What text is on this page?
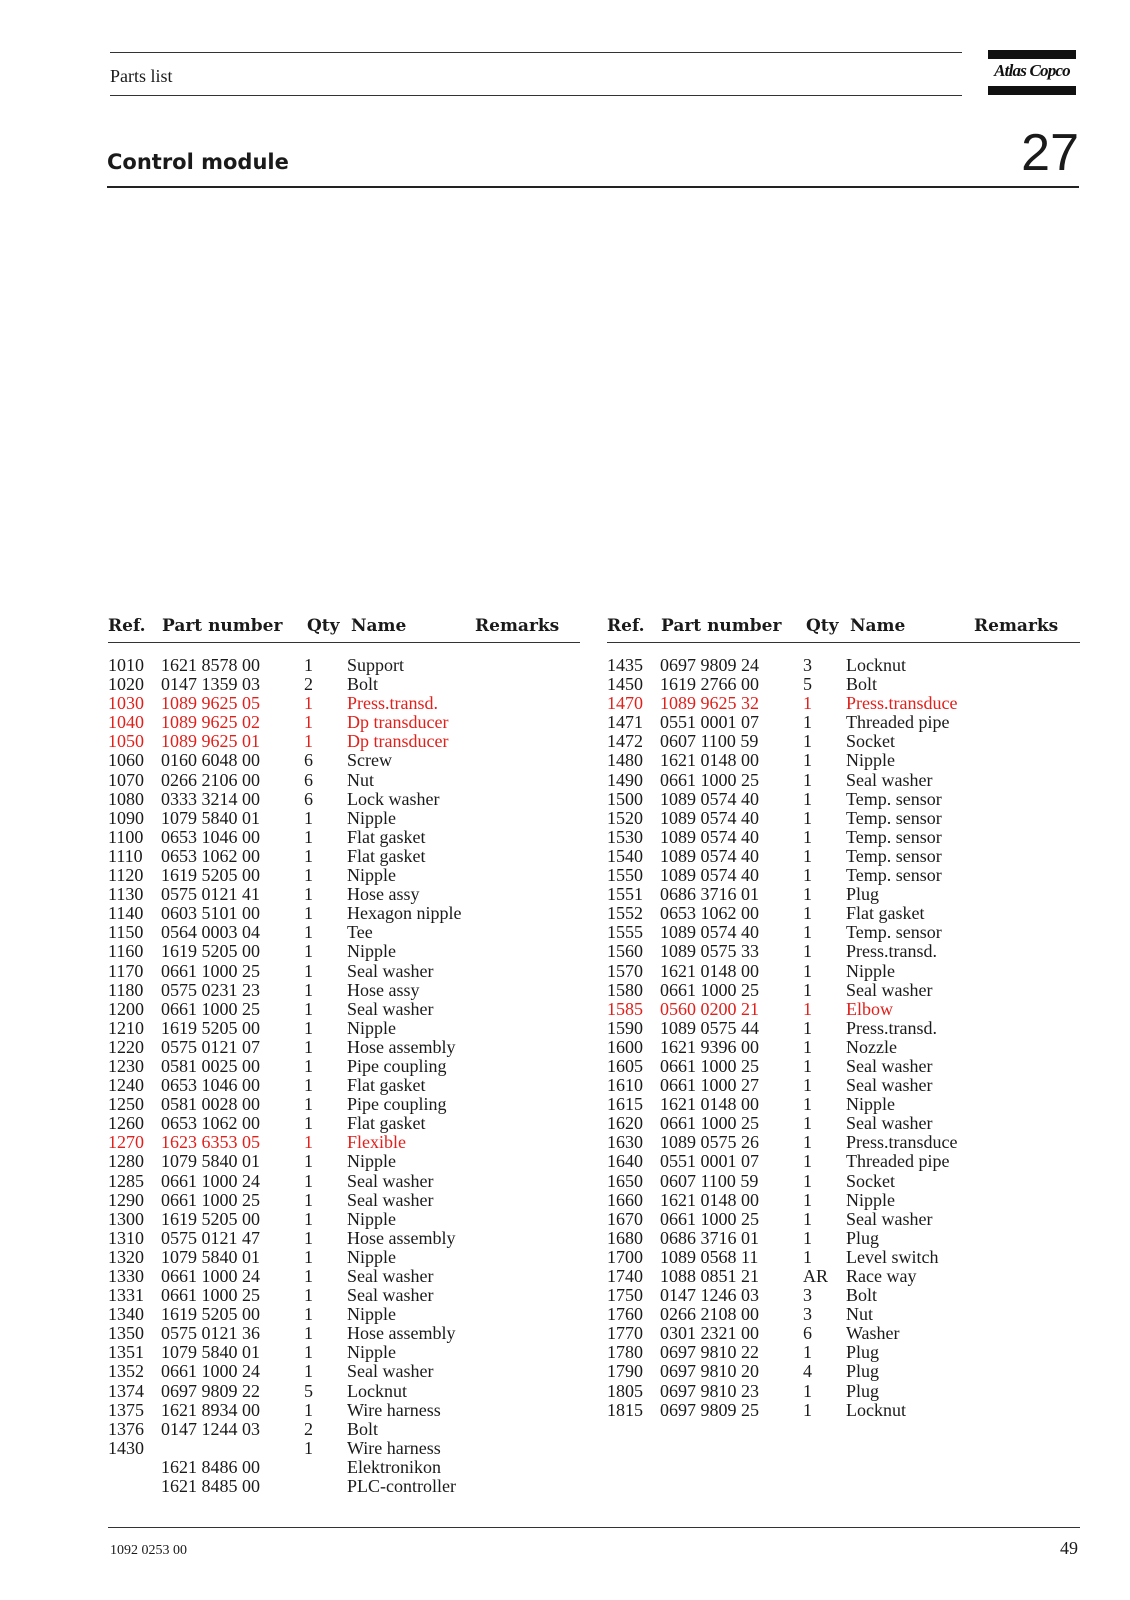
Parts list	Atlas Copco
Control module	27
Ref. Part number Qty Name	Remarks
1010 1621 8578 00 1 Support
1020 0147 1359 03 2 Bolt
1030 1089 9625 05 1 Press.transd.
1040 1089 9625 02 1 Dp transducer
1050 1089 9625 01 1 Dp transducer
1060 0160 6048 00 6 Screw
1070 0266 2106 00 6 Nut
1080 0333 3214 00 6 Lock washer
1090 1079 5840 01 1 Nipple
1100 0653 1046 00 1 Flat gasket
1110 0653 1062 00 1 Flat gasket
1120 1619 5205 00 1 Nipple
1130 0575 0121 41 1 Hose assy
1140 0603 5101 00 1 Hexagon nipple
1150 0564 0003 04 1 Tee
1160 1619 5205 00 1 Nipple
1170 0661 1000 25 1 Seal washer
1180 0575 0231 23 1 Hose assy
1200 0661 1000 25 1 Seal washer
1210 1619 5205 00 1 Nipple
1220 0575 0121 07 1 Hose assembly
1230 0581 0025 00 1 Pipe coupling
1240 0653 1046 00 1 Flat gasket
1250 0581 0028 00 1 Pipe coupling
1260 0653 1062 00 1 Flat gasket
1270 1623 6353 05 1 Flexible
1280 1079 5840 01 1 Nipple
1285 0661 1000 24 1 Seal washer
1290 0661 1000 25 1 Seal washer
1300 1619 5205 00 1 Nipple
1310 0575 0121 47 1 Hose assembly
1320 1079 5840 01 1 Nipple
1330 0661 1000 24 1 Seal washer
1331 0661 1000 25 1 Seal washer
1340 1619 5205 00 1 Nipple
1350 0575 0121 36 1 Hose assembly
1351 1079 5840 01 1 Nipple
1352 0661 1000 24 1 Seal washer
1374 0697 9809 22 5 Locknut
1375 1621 8934 00 1 Wire harness
1376 0147 1244 03 2 Bolt
1430	1 Wire harness
1621 8486 00	Elektronikon
1621 8485 00	PLC-controller
Ref. Part number Qty Name	Remarks
1435 0697 9809 24 3 Locknut
1450 1619 2766 00 5 Bolt
1470 1089 9625 32 1 Press.transduce
1471 0551 0001 07 1 Threaded pipe
1472 0607 1100 59 1 Socket
1480 1621 0148 00 1 Nipple
1490 0661 1000 25 1 Seal washer
1500 1089 0574 40 1 Temp. sensor
1520 1089 0574 40 1 Temp. sensor
1530 1089 0574 40 1 Temp. sensor
1540 1089 0574 40 1 Temp. sensor
1550 1089 0574 40 1 Temp. sensor
1551 0686 3716 01 1 Plug
1552 0653 1062 00 1 Flat gasket
1555 1089 0574 40 1 Temp. sensor
1560 1089 0575 33 1 Press.transd.
1570 1621 0148 00 1 Nipple
1580 0661 1000 25 1 Seal washer
1585 0560 0200 21 1 Elbow
1590 1089 0575 44 1 Press.transd.
1600 1621 9396 00 1 Nozzle
1605 0661 1000 25 1 Seal washer
1610 0661 1000 27 1 Seal washer
1615 1621 0148 00 1 Nipple
1620 0661 1000 25 1 Seal washer
1630 1089 0575 26 1 Press.transduce
1640 0551 0001 07 1 Threaded pipe
1650 0607 1100 59 1 Socket
1660 1621 0148 00 1 Nipple
1670 0661 1000 25 1 Seal washer
1680 0686 3716 01 1 Plug
1700 1089 0568 11 1 Level switch
1740 1088 0851 21 AR Race way
1750 0147 1246 03 3 Bolt
1760 0266 2108 00 3 Nut
1770 0301 2321 00 6 Washer
1780 0697 9810 22 1 Plug
1790 0697 9810 20 4 Plug
1805 0697 9810 23 1 Plug
1815 0697 9809 25 1 Locknut
1092 0253 00	49
